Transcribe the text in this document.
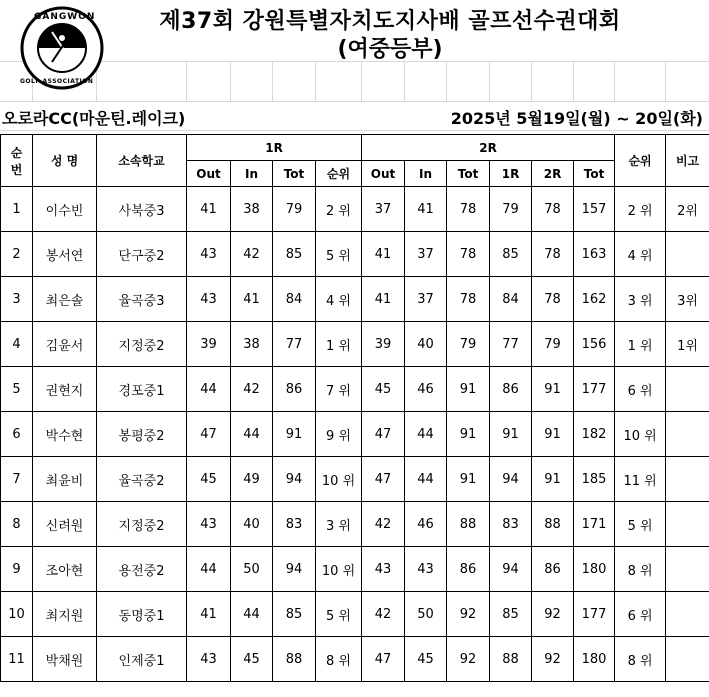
GANGWON
GOLF ASSOCIATION
제37회 강원특별자치도지사배 골프선수권대회
(여중등부)
오로라CC(마운틴.레이크)	2025년 5월19일(월) ~ 20일(화)
순
번	성 명	소속학교	1R				2R						순위	비고
			Out	In	Tot	순위	Out	In	Tot	1R	2R	Tot		
1	이수빈	사북중3	41	38	79	2 위	37	41	78	79	78	157	2 위	2위
2	봉서연	단구중2	43	42	85	5 위	41	37	78	85	78	163	4 위	
3	최은솔	율곡중3	43	41	84	4 위	41	37	78	84	78	162	3 위	3위
4	김윤서	지정중2	39	38	77	1 위	39	40	79	77	79	156	1 위	1위
5	권현지	경포중1	44	42	86	7 위	45	46	91	86	91	177	6 위	
6	박수현	봉평중2	47	44	91	9 위	47	44	91	91	91	182	10 위	
7	최윤비	율곡중2	45	49	94	10 위	47	44	91	94	91	185	11 위	
8	신려원	지정중2	43	40	83	3 위	42	46	88	83	88	171	5 위	
9	조아현	용전중2	44	50	94	10 위	43	43	86	94	86	180	8 위	
10	최지원	동명중1	41	44	85	5 위	42	50	92	85	92	177	6 위	
11	박채원	인제중1	43	45	88	8 위	47	45	92	88	92	180	8 위	
